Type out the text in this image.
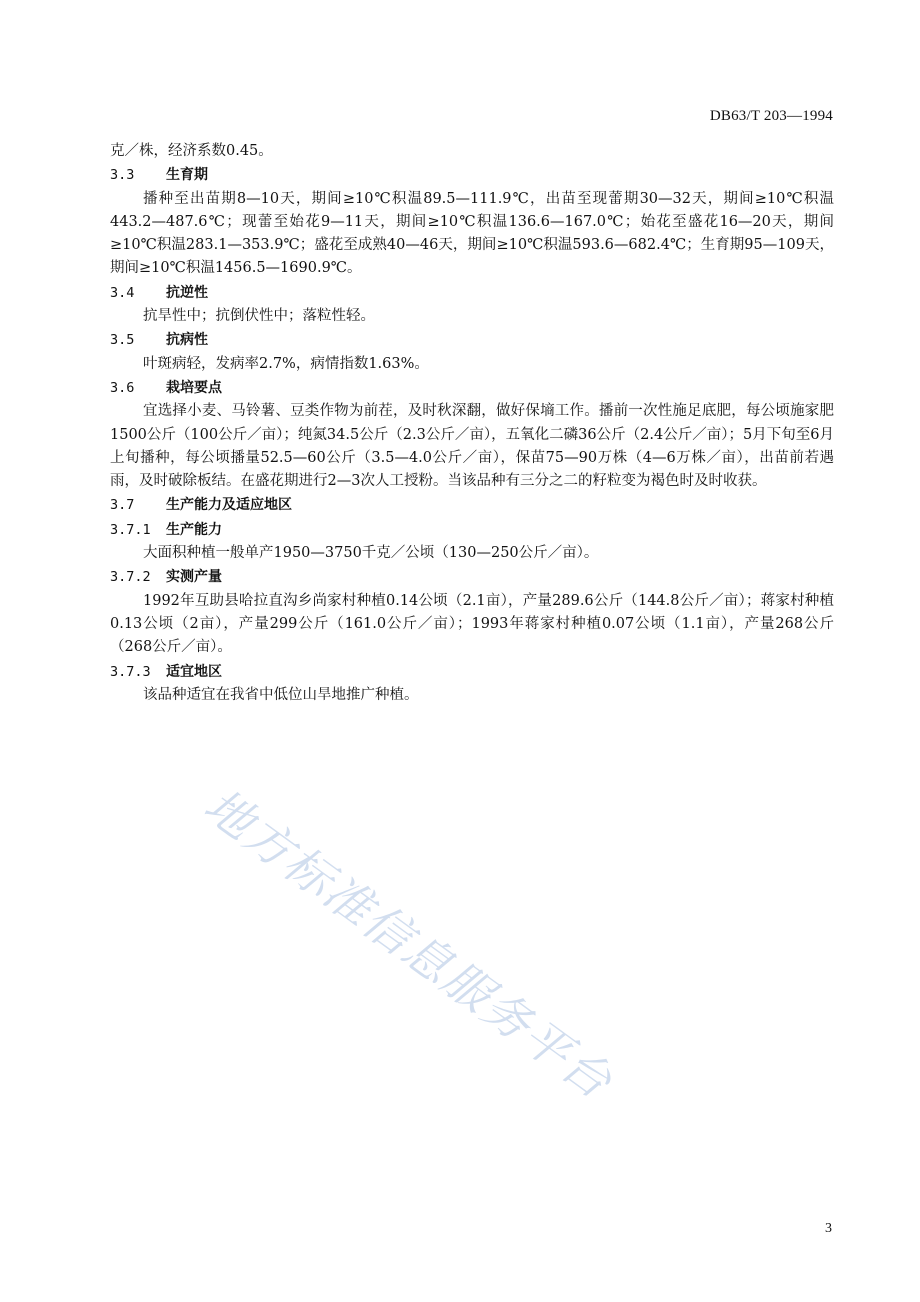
DB63/T 203—1994

克／株，经济系数0.45。

3.3 生育期

播种至出苗期8—10天，期间≥10℃积温89.5—111.9℃，出苗至现蕾期30—32天，期间≥10℃积温443.2—487.6℃；现蕾至始花9—11天，期间≥10℃积温136.6—167.0℃；始花至盛花16—20天，期间≥10℃积温283.1—353.9℃；盛花至成熟40—46天，期间≥10℃积温593.6—682.4℃；生育期95—109天，期间≥10℃积温1456.5—1690.9℃。

3.4 抗逆性

抗旱性中；抗倒伏性中；落粒性轻。

3.5 抗病性

叶斑病轻，发病率2.7%，病情指数1.63%。

3.6 栽培要点

宜选择小麦、马铃薯、豆类作物为前茬，及时秋深翻，做好保墒工作。播前一次性施足底肥，每公顷施家肥1500公斤（100公斤／亩）；纯氮34.5公斤（2.3公斤／亩），五氧化二磷36公斤（2.4公斤／亩）；5月下旬至6月上旬播种，每公顷播量52.5—60公斤（3.5—4.0公斤／亩），保苗75—90万株（4—6万株／亩），出苗前若遇雨，及时破除板结。在盛花期进行2—3次人工授粉。当该品种有三分之二的籽粒变为褐色时及时收获。

3.7 生产能力及适应地区

3.7.1 生产能力

大面积种植一般单产1950—3750千克／公顷（130—250公斤／亩）。

3.7.2 实测产量

1992年互助县哈拉直沟乡尚家村种植0.14公顷（2.1亩），产量289.6公斤（144.8公斤／亩）；蒋家村种植0.13公顷（2亩），产量299公斤（161.0公斤／亩）；1993年蒋家村种植0.07公顷（1.1亩），产量268公斤（268公斤／亩）。

3.7.3 适宜地区

该品种适宜在我省中低位山旱地推广种植。

地方标准信息服务平台
3
